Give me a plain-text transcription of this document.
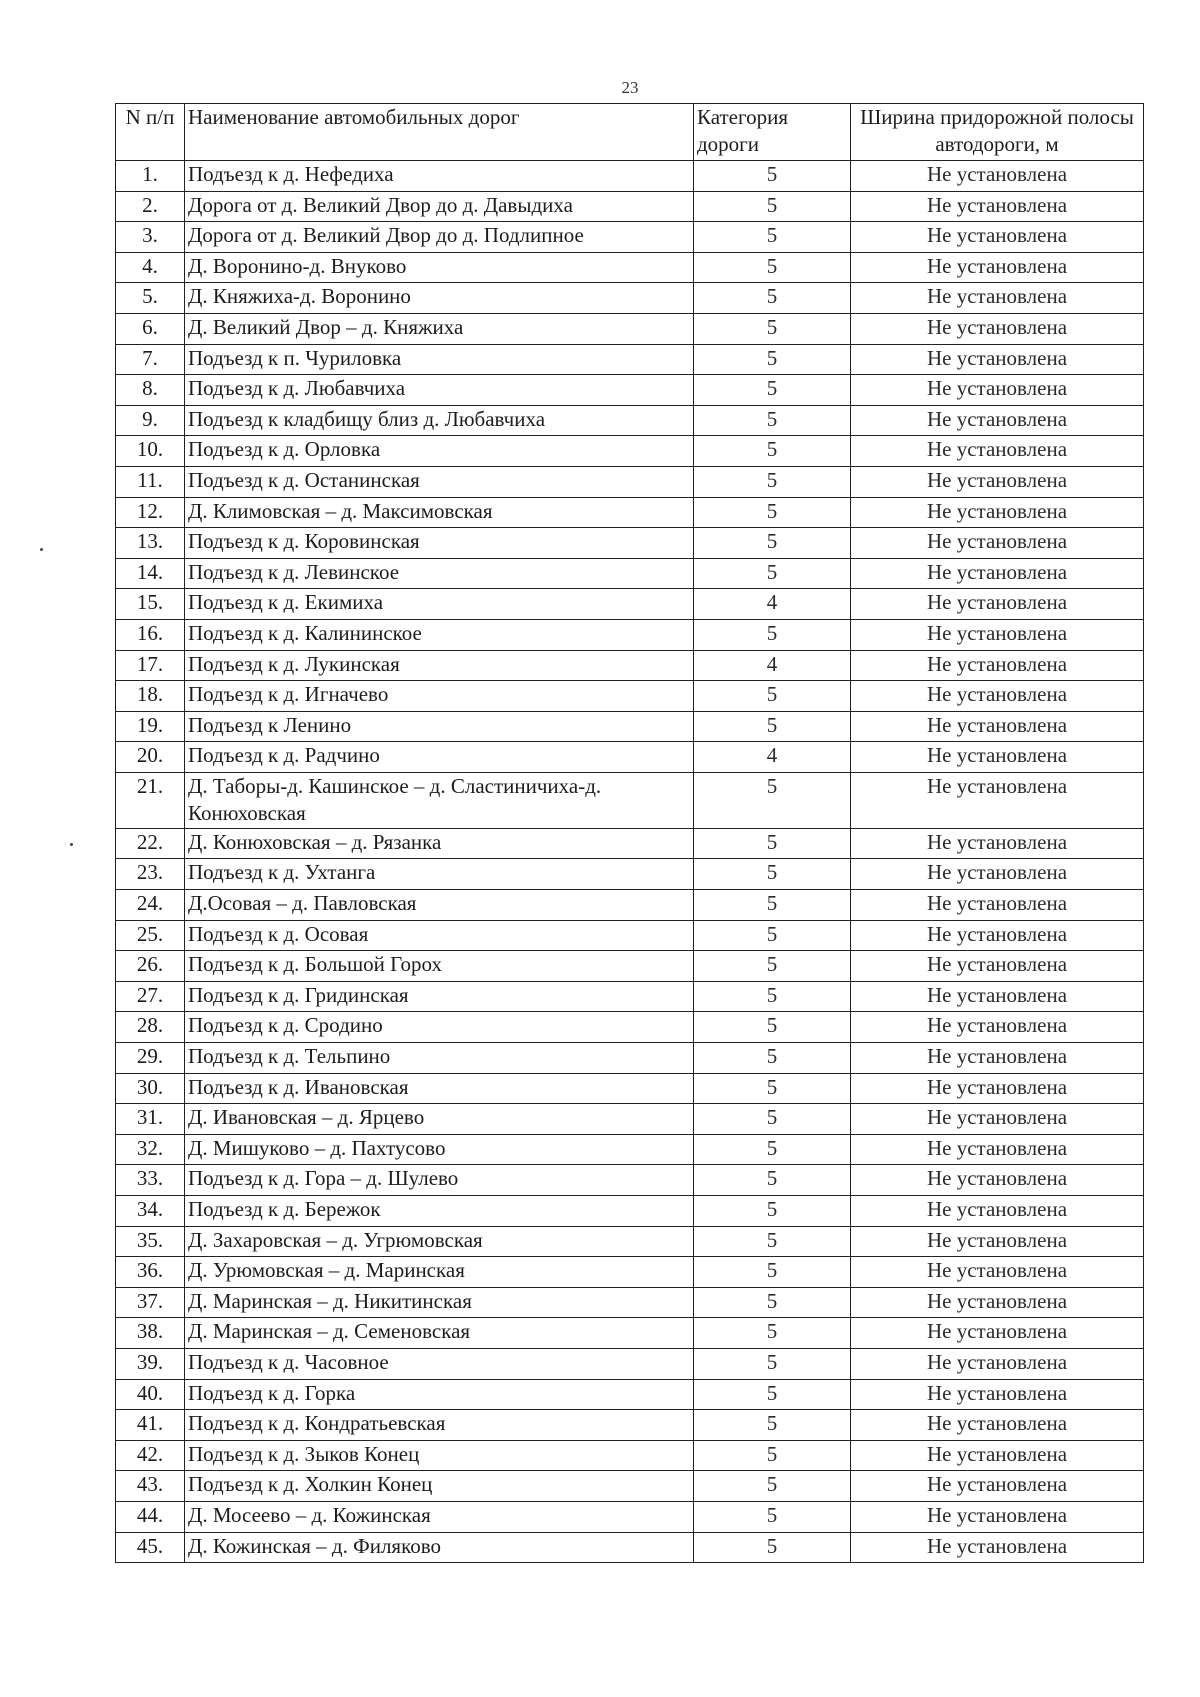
23
N п/п	Наименование автомобильных дорог	Категория дороги	Ширина придорожной полосы автодороги, м
1.	Подъезд к д. Нефедиха	5	Не установлена
2.	Дорога от д. Великий Двор до д. Давыдиха	5	Не установлена
3.	Дорога от д. Великий Двор до д. Подлипное	5	Не установлена
4.	Д. Воронино-д. Внуково	5	Не установлена
5.	Д. Княжиха-д. Воронино	5	Не установлена
6.	Д. Великий Двор – д. Княжиха	5	Не установлена
7.	Подъезд к п. Чуриловка	5	Не установлена
8.	Подъезд к д. Любавчиха	5	Не установлена
9.	Подъезд к кладбищу близ д. Любавчиха	5	Не установлена
10.	Подъезд к д. Орловка	5	Не установлена
11.	Подъезд к д. Останинская	5	Не установлена
12.	Д. Климовская – д. Максимовская	5	Не установлена
13.	Подъезд к д. Коровинская	5	Не установлена
14.	Подъезд к д. Левинское	5	Не установлена
15.	Подъезд к д. Екимиха	4	Не установлена
16.	Подъезд к д. Калининское	5	Не установлена
17.	Подъезд к д. Лукинская	4	Не установлена
18.	Подъезд к д. Игначево	5	Не установлена
19.	Подъезд к Ленино	5	Не установлена
20.	Подъезд к д. Радчино	4	Не установлена
21.	Д. Таборы-д. Кашинское – д. Сластиничиха-д. Конюховская	5	Не установлена
22.	Д. Конюховская – д. Рязанка	5	Не установлена
23.	Подъезд к д. Ухтанга	5	Не установлена
24.	Д.Осовая – д. Павловская	5	Не установлена
25.	Подъезд к д. Осовая	5	Не установлена
26.	Подъезд к д. Большой Горох	5	Не установлена
27.	Подъезд к д. Гридинская	5	Не установлена
28.	Подъезд к д. Сродино	5	Не установлена
29.	Подъезд к д. Тельпино	5	Не установлена
30.	Подъезд к д. Ивановская	5	Не установлена
31.	Д. Ивановская – д. Ярцево	5	Не установлена
32.	Д. Мишуково – д. Пахтусово	5	Не установлена
33.	Подъезд к д. Гора – д. Шулево	5	Не установлена
34.	Подъезд к д. Бережок	5	Не установлена
35.	Д. Захаровская – д. Угрюмовская	5	Не установлена
36.	Д. Урюмовская – д. Маринская	5	Не установлена
37.	Д. Маринская – д. Никитинская	5	Не установлена
38.	Д. Маринская – д. Семеновская	5	Не установлена
39.	Подъезд к д. Часовное	5	Не установлена
40.	Подъезд к д. Горка	5	Не установлена
41.	Подъезд к д. Кондратьевская	5	Не установлена
42.	Подъезд к д. Зыков Конец	5	Не установлена
43.	Подъезд к д. Холкин Конец	5	Не установлена
44.	Д. Мосеево – д. Кожинская	5	Не установлена
45.	Д. Кожинская – д. Филяково	5	Не установлена
